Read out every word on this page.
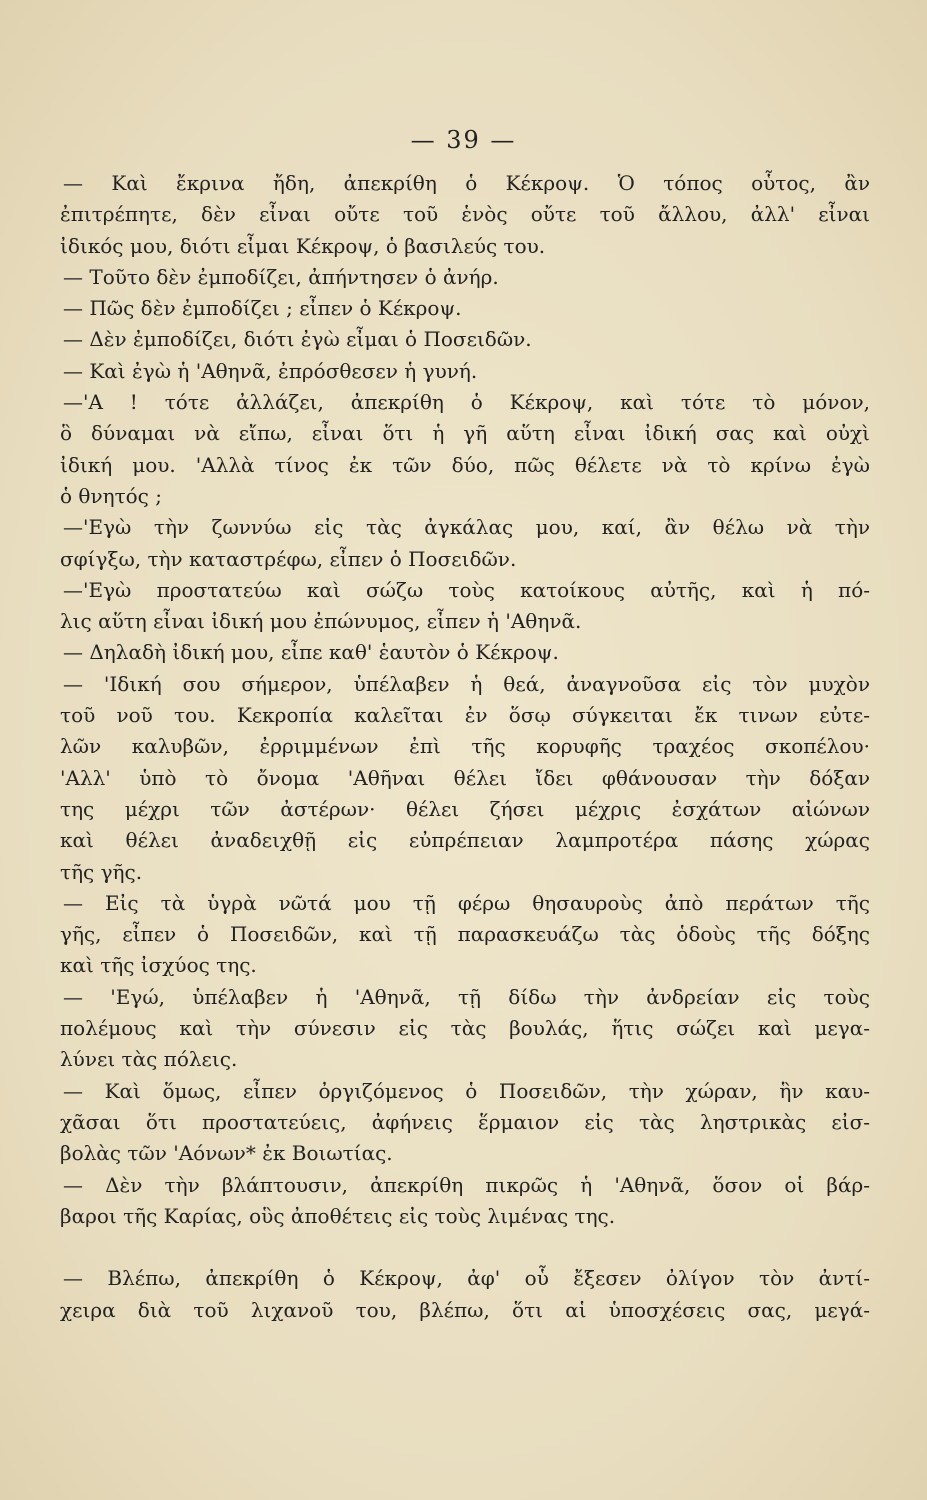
— 39 —
— Καὶ ἔκρινα ἤδη, ἀπεκρίθη ὁ Κέκροψ. Ὁ τόπος οὗτος, ἂν
ἐπιτρέπητε, δὲν εἶναι οὔτε τοῦ ἑνὸς οὔτε τοῦ ἄλλου, ἀλλ' εἶναι
ἰδικός μου, διότι εἶμαι Κέκροψ, ὁ βασιλεύς του.
— Τοῦτο δὲν ἐμποδίζει, ἀπήντησεν ὁ ἀνήρ.
— Πῶς δὲν ἐμποδίζει ; εἶπεν ὁ Κέκροψ.
— Δὲν ἐμποδίζει, διότι ἐγὼ εἶμαι ὁ Ποσειδῶν.
— Καὶ ἐγὼ ἡ 'Αθηνᾶ, ἐπρόσθεσεν ἡ γυνή.
—'Α ! τότε ἀλλάζει, ἀπεκρίθη ὁ Κέκροψ, καὶ τότε τὸ μόνον,
ὃ δύναμαι νὰ εἴπω, εἶναι ὅτι ἡ γῆ αὕτη εἶναι ἰδική σας καὶ οὐχὶ
ἰδική μου. 'Αλλὰ τίνος ἐκ τῶν δύο, πῶς θέλετε νὰ τὸ κρίνω ἐγὼ
ὁ θνητός ;
—'Εγὼ τὴν ζωννύω εἰς τὰς ἀγκάλας μου, καί, ἂν θέλω νὰ τὴν
σφίγξω, τὴν καταστρέφω, εἶπεν ὁ Ποσειδῶν.
—'Εγὼ προστατεύω καὶ σώζω τοὺς κατοίκους αὐτῆς, καὶ ἡ πό-
λις αὕτη εἶναι ἰδική μου ἐπώνυμος, εἶπεν ἡ 'Αθηνᾶ.
— Δηλαδὴ ἰδική μου, εἶπε καθ' ἑαυτὸν ὁ Κέκροψ.
— 'Ιδική σου σήμερον, ὑπέλαβεν ἡ θεά, ἀναγνοῦσα εἰς τὸν μυχὸν
τοῦ νοῦ του. Κεκροπία καλεῖται ἐν ὅσῳ σύγκειται ἔκ τινων εὐτε-
λῶν καλυβῶν, ἐρριμμένων ἐπὶ τῆς κορυφῆς τραχέος σκοπέλου·
'Αλλ' ὑπὸ τὸ ὄνομα 'Αθῆναι θέλει ἴδει φθάνουσαν τὴν δόξαν
της μέχρι τῶν ἀστέρων· θέλει ζήσει μέχρις ἐσχάτων αἰώνων
καὶ θέλει ἀναδειχθῇ εἰς εὐπρέπειαν λαμπροτέρα πάσης χώρας
τῆς γῆς.
— Εἰς τὰ ὑγρὰ νῶτά μου τῇ φέρω θησαυροὺς ἀπὸ περάτων τῆς
γῆς, εἶπεν ὁ Ποσειδῶν, καὶ τῇ παρασκευάζω τὰς ὁδοὺς τῆς δόξης
καὶ τῆς ἰσχύος της.
— 'Εγώ, ὑπέλαβεν ἡ 'Αθηνᾶ, τῇ δίδω τὴν ἀνδρείαν εἰς τοὺς
πολέμους καὶ τὴν σύνεσιν εἰς τὰς βουλάς, ἥτις σώζει καὶ μεγα-
λύνει τὰς πόλεις.
— Καὶ ὅμως, εἶπεν ὀργιζόμενος ὁ Ποσειδῶν, τὴν χώραν, ἣν καυ-
χᾶσαι ὅτι προστατεύεις, ἀφήνεις ἕρμαιον εἰς τὰς ληστρικὰς εἰσ-
βολὰς τῶν 'Αόνων* ἐκ Βοιωτίας.
— Δὲν τὴν βλάπτουσιν, ἀπεκρίθη πικρῶς ἡ 'Αθηνᾶ, ὅσον οἱ βάρ-
βαροι τῆς Καρίας, οὓς ἀποθέτεις εἰς τοὺς λιμένας της.
— Βλέπω, ἀπεκρίθη ὁ Κέκροψ, ἀφ' οὗ ἔξεσεν ὀλίγον τὸν ἀντί-
χειρα διὰ τοῦ λιχανοῦ του, βλέπω, ὅτι αἱ ὑποσχέσεις σας, μεγά-
